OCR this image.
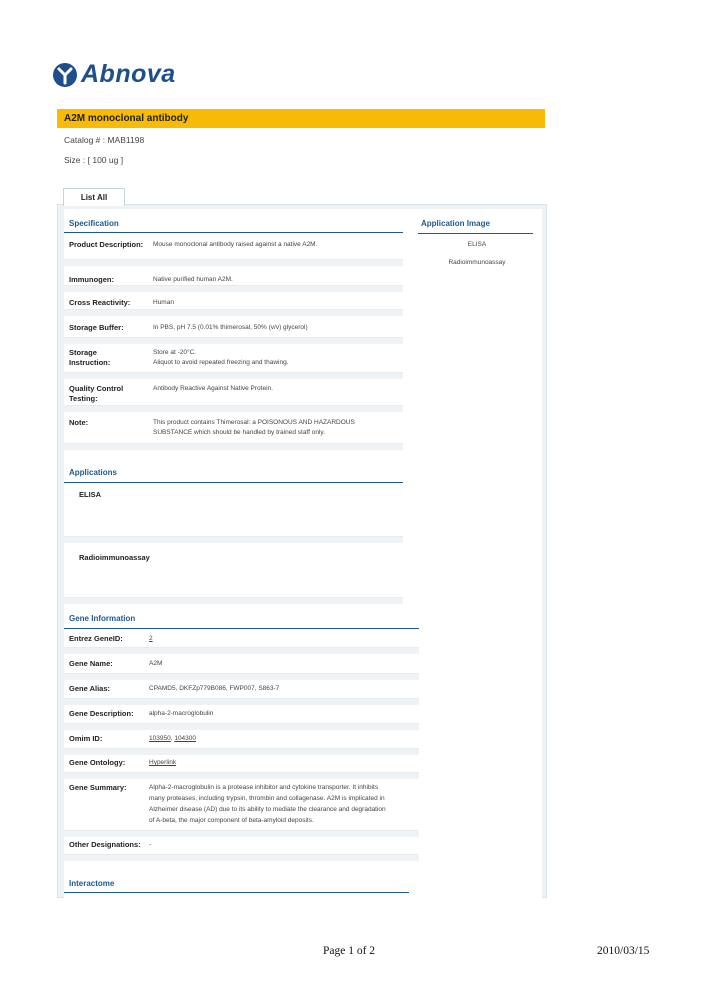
Abnova
A2M monoclonal antibody
Catalog # : MAB1198
Size : [ 100 ug ]
List All
Specification
Product Description:	Mouse monoclonal antibody raised against a native A2M.
Immunogen:	Native purified human A2M.
Cross Reactivity:	Human
Storage Buffer:	In PBS, pH 7.5 (0.01% thimerosal, 50% (v/v) glycerol)
Storage Instruction:
Store at -20°C.
Aliquot to avoid repeated freezing and thawing.
Quality Control Testing:
Antibody Reactive Against Native Protein.
Note:	This product contains Thimerosal: a POISONOUS AND HAZARDOUS
SUBSTANCE which should be handled by trained staff only.
Application Image
ELISA
Radioimmunoassay
Applications
ELISA
Radioimmunoassay
Gene Information
Entrez GeneID:	2
Gene Name:	A2M
Gene Alias:	CPAMD5, DKFZp779B086, FWP007, S863-7
Gene Description: alpha-2-macroglobulin
Omim ID:	103950, 104300
Gene Ontology:	Hyperlink
Gene Summary:	Alpha-2-macroglobulin is a protease inhibitor and cytokine transporter. It inhibits
many proteases, including trypsin, thrombin and collagenase. A2M is implicated in
Alzheimer disease (AD) due to its ability to mediate the clearance and degradation
of A-beta, the major component of beta-amyloid deposits.
Other Designations: -
Interactome
Page 1 of 2	2010/03/15
